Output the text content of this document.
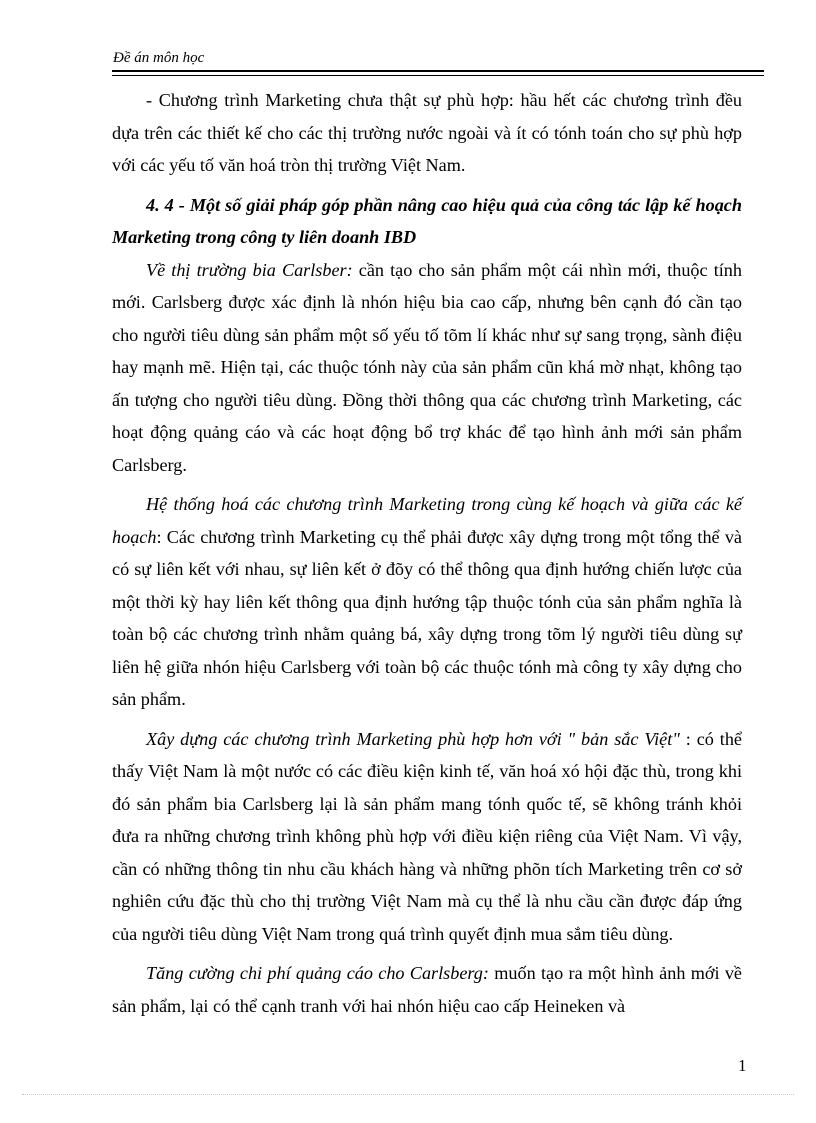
Đề án môn học

- Chương trình Marketing chưa thật sự phù hợp: hầu hết các chương trình đều dựa trên các thiết kế cho các thị trường nước ngoài và ít có tónh toán cho sự phù hợp với các yếu tố văn hoá tròn thị trường Việt Nam.

4. 4 - Một số giải pháp góp phần nâng cao hiệu quả của công tác lập kế hoạch Marketing trong công ty liên doanh IBD

Về thị trường bia Carlsber: cần tạo cho sản phẩm một cái nhìn mới, thuộc tính mới. Carlsberg được xác định là nhón hiệu bia cao cấp, nhưng bên cạnh đó cần tạo cho người tiêu dùng sản phẩm một số yếu tố tõm lí khác như sự sang trọng, sành điệu hay mạnh mẽ. Hiện tại, các thuộc tónh này của sản phẩm cũn khá mờ nhạt, không tạo ấn tượng cho người tiêu dùng. Đồng thời thông qua các chương trình Marketing, các hoạt động quảng cáo và các hoạt động bổ trợ khác để tạo hình ảnh mới sản phẩm Carlsberg.

Hệ thống hoá các chương trình Marketing trong cùng kế hoạch và giữa các kế hoạch: Các chương trình Marketing cụ thể phải được xây dựng trong một tổng thể và có sự liên kết với nhau, sự liên kết ở đõy có thể thông qua định hướng chiến lược của một thời kỳ hay liên kết thông qua định hướng tập thuộc tónh của sản phẩm nghĩa là toàn bộ các chương trình nhằm quảng bá, xây dựng trong tõm lý người tiêu dùng sự liên hệ giữa nhón hiệu Carlsberg với toàn bộ các thuộc tónh mà công ty xây dựng cho sản phẩm.

Xây dựng các chương trình Marketing phù hợp hơn với " bản sắc Việt" : có thể thấy Việt Nam là một nước có các điều kiện kinh tế, văn hoá xó hội đặc thù, trong khi đó sản phẩm bia Carlsberg lại là sản phẩm mang tónh quốc tế, sẽ không tránh khỏi đưa ra những chương trình không phù hợp với điều kiện riêng của Việt Nam. Vì vậy, cần có những thông tin nhu cầu khách hàng và những phõn tích Marketing trên cơ sở nghiên cứu đặc thù cho thị trường Việt Nam mà cụ thể là nhu cầu cần được đáp ứng của người tiêu dùng Việt Nam trong quá trình quyết định mua sắm tiêu dùng.

Tăng cường chi phí quảng cáo cho Carlsberg: muốn tạo ra một hình ảnh mới về sản phẩm, lại có thể cạnh tranh với hai nhón hiệu cao cấp Heineken và

1
